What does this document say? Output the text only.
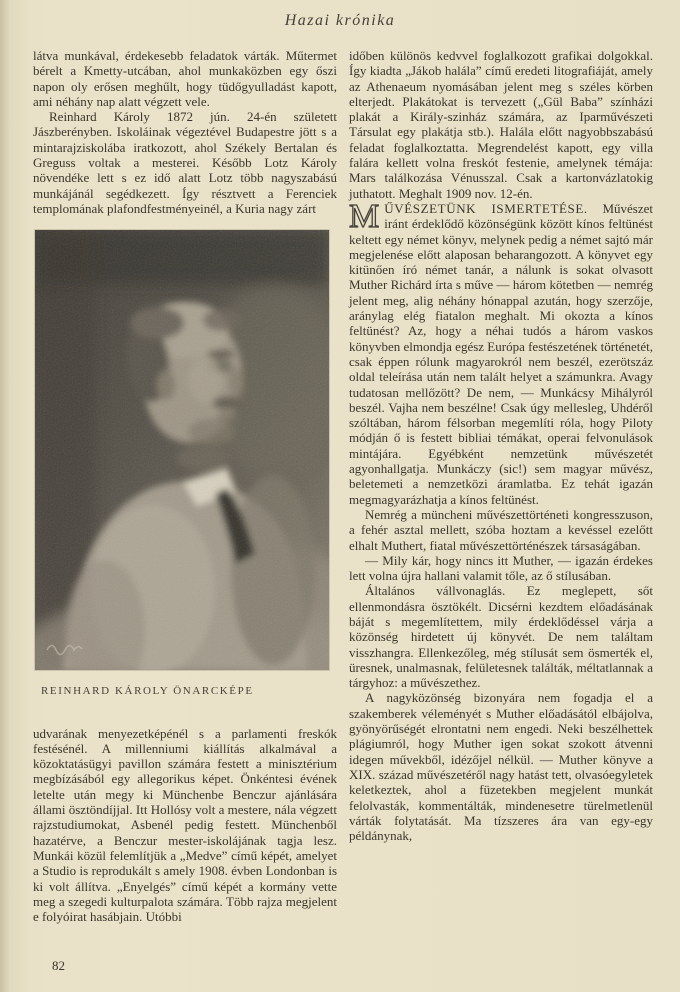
Hazai krónika

látva munkával, érdekesebb feladatok várták. Műtermet bérelt a Kmetty-utcában, ahol munkaközben egy őszi napon oly erősen meghűlt, hogy tüdőgyulladást kapott, ami néhány nap alatt végzett vele.

Reinhard Károly 1872 jún. 24-én született Jászberényben. Iskoláinak végeztével Budapestre jött s a mintarajziskolába iratkozott, ahol Székely Bertalan és Greguss voltak a mesterei. Később Lotz Károly növendéke lett s ez idő alatt Lotz több nagyszabású munkájánál segédkezett. Így résztvett a Ferenciek templomának plafondfestményeinél, a Kuria nagy zárt

REINHARD KÁROLY ÖNARCKÉPE

udvarának menyezetképénél s a parlamenti freskók festésénél. A millenniumi kiállítás alkalmával a közoktatásügyi pavillon számára festett a minisztérium megbízásából egy allegorikus képet. Önkéntesi évének letelte után megy ki Münchenbe Benczur ajánlására állami ösztöndíjjal. Itt Hollósy volt a mestere, nála végzett rajzstudiumokat, Asbenél pedig festett. Münchenből hazatérve, a Benczur mester-iskolájának tagja lesz. Munkái közül felemlítjük a „Medve” című képét, amelyet a Studio is reprodukált s amely 1908. évben Londonban is ki volt állítva. „Enyelgés” című képét a kormány vette meg a szegedi kulturpalota számára. Több rajza megjelent e folyóirat hasábjain. Utóbbi

időben különös kedvvel foglalkozott grafikai dolgokkal. Így kiadta „Jákob halála” című eredeti litografiáját, amely az Athenaeum nyomásában jelent meg s széles körben elterjedt. Plakátokat is tervezett („Gül Baba” színházi plakát a Király-szinház számára, az Iparművészeti Társulat egy plakátja stb.). Halála előtt nagyobbszabású feladat foglalkoztatta. Megrendelést kapott, egy villa falára kellett volna freskót festenie, amelynek témája: Mars találkozása Vénusszal. Csak a kartonvázlatokig juthatott. Meghalt 1909 nov. 12-én.

MŰVÉSZETÜNK ISMERTETÉSE. Művészet iránt érdeklődő közönségünk között kínos feltünést keltett egy német könyv, melynek pedig a német sajtó már megjelenése előtt alaposan beharangozott. A könyvet egy kitünően író német tanár, a nálunk is sokat olvasott Muther Richárd írta s műve — három kötetben — nemrég jelent meg, alig néhány hónappal azután, hogy szerzője, aránylag elég fiatalon meghalt. Mi okozta a kínos feltünést? Az, hogy a néhai tudós a három vaskos könyvben elmondja egész Európa festészetének történetét, csak éppen rólunk magyarokról nem beszél, ezerötszáz oldal teleírása után nem talált helyet a számunkra. Avagy tudatosan mellőzött? De nem, — Munkácsy Mihályról beszél. Vajha nem beszélne! Csak úgy mellesleg, Uhdéről szóltában, három félsorban megemlíti róla, hogy Piloty módján ő is festett bibliai témákat, operai felvonulások mintájára. Egyébként nemzetünk művészetét agyonhallgatja. Munkáczy (sic!) sem magyar művész, beletemeti a nemzetközi áramlatba. Ez tehát igazán megmagyarázhatja a kínos feltünést.

Nemrég a müncheni művészettörténeti kongresszuson, a fehér asztal mellett, szóba hoztam a kevéssel ezelőtt elhalt Muthert, fiatal művészettörténészek társaságában.

— Mily kár, hogy nincs itt Muther, — igazán érdekes lett volna újra hallani valamit tőle, az ő stílusában.

Általános vállvonaglás. Ez meglepett, sőt ellenmondásra ösztökélt. Dicsérni kezdtem előadásának báját s megemlítettem, mily érdeklődéssel várja a közönség hirdetett új könyvét. De nem találtam visszhangra. Ellenkezőleg, még stílusát sem ösmerték el, üresnek, unalmasnak, felületesnek találták, méltatlannak a tárgyhoz: a művészethez.

A nagyközönség bizonyára nem fogadja el a szakemberek véleményét s Muther előadásától elbájolva, gyönyörűségét elrontatni nem engedi. Neki beszélhettek plágiumról, hogy Muther igen sokat szokott átvenni idegen művekből, idézőjel nélkül. — Muther könyve a XIX. század művészetéről nagy hatást tett, olvasóegyletek keletkeztek, ahol a füzetekben megjelent munkát felolvasták, kommentálták, mindenesetre türelmetlenül várták folytatását. Ma tízszeres ára van egy-egy példánynak,

82
